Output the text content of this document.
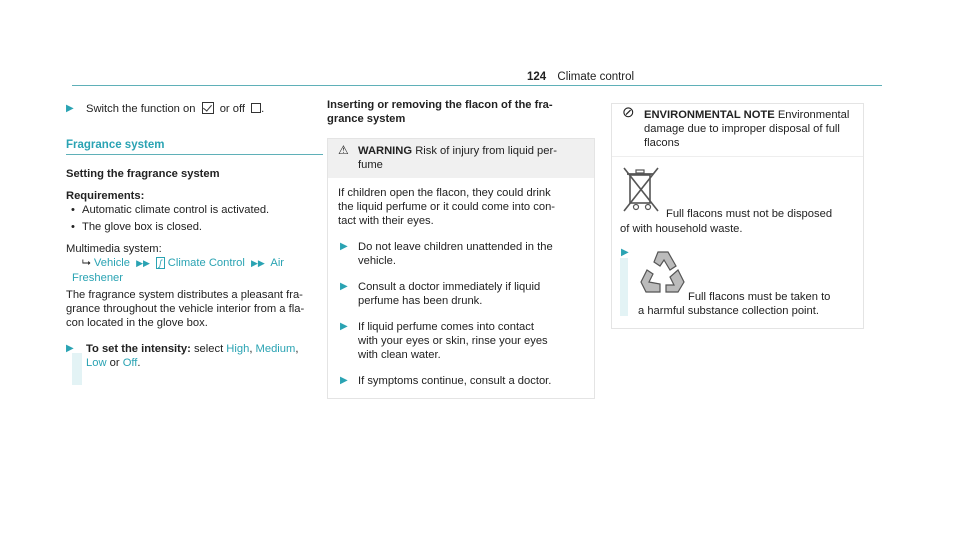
124 Climate control
▶ Switch the function on or off .
Fragrance system
Setting the fragrance system
Requirements:
• Automatic climate control is activated.
• The glove box is closed.
Multimedia system:
⮡ Vehicle ▶▶ ʃ Climate Control ▶▶ Air
Freshener
The fragrance system distributes a pleasant fra-
grance throughout the vehicle interior from a fla-
con located in the glove box.
▶ To set the intensity: select High, Medium,
Low or Off.
Inserting or removing the flacon of the fra-
grance system
⚠ WARNING Risk of injury from liquid per-
fume
If children open the flacon, they could drink
the liquid perfume or it could come into con-
tact with their eyes.
▶ Do not leave children unattended in the
vehicle.
▶ Consult a doctor immediately if liquid
perfume has been drunk.
▶ If liquid perfume comes into contact
with your eyes or skin, rinse your eyes
with clean water.
▶ If symptoms continue, consult a doctor.
⊘ ENVIRONMENTAL NOTE Environmental
damage due to improper disposal of full
flacons
Full flacons must not be disposed
of with household waste.
▶
Full flacons must be taken to
a harmful substance collection point.
